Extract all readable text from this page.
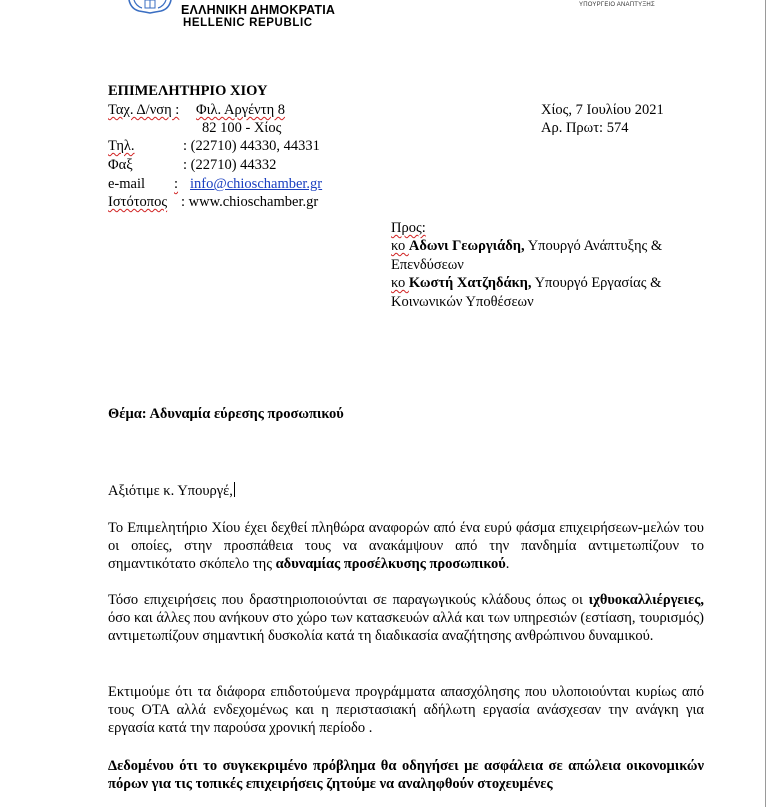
ΕΛΛΗΝΙΚΗ ΔΗΜΟΚΡΑΤΙΑ
HELLENIC REPUBLIC
ΥΠΟΥΡΓΕΙΟ ΑΝΑΠΤΥΞΗΣ
ΕΠΙΜΕΛΗΤΗΡΙΟ ΧΙΟΥ
Ταχ. Δ/νση : Φιλ. Αργέντη 8
82 100 - Χίος
Τηλ.	: (22710) 44330, 44331
Φαξ	: (22710) 44332
e-mail : info@chioschamber.gr
Ιστότοπος : www.chioschamber.gr
Χίος, 7 Ιουλίου 2021
Αρ. Πρωτ: 574
Προς:
κο Αδωνι Γεωργιάδη, Υπουργό Ανάπτυξης &
Επενδύσεων
κο Κωστή Χατζηδάκη, Υπουργό Εργασίας &
Κοινωνικών Υποθέσεων
Θέμα: Αδυναμία εύρεσης προσωπικού
Αξιότιμε κ. Υπουργέ,
Το Επιμελητήριο Χίου έχει δεχθεί πληθώρα αναφορών από ένα ευρύ φάσμα επιχειρήσεων-μελών του οι οποίες, στην προσπάθεια τους να ανακάμψουν από την πανδημία αντιμετωπίζουν το σημαντικότατο σκόπελο της αδυναμίας προσέλκυσης προσωπικού.
Τόσο επιχειρήσεις που δραστηριοποιούνται σε παραγωγικούς κλάδους όπως οι ιχθυοκαλλιέργειες, όσο και άλλες που ανήκουν στο χώρο των κατασκευών αλλά και των υπηρεσιών (εστίαση, τουρισμός) αντιμετωπίζουν σημαντική δυσκολία κατά τη διαδικασία αναζήτησης ανθρώπινου δυναμικού.
Εκτιμούμε ότι τα διάφορα επιδοτούμενα προγράμματα απασχόλησης που υλοποιούνται κυρίως από τους ΟΤΑ αλλά ενδεχομένως και η περιστασιακή αδήλωτη εργασία ανάσχεσαν την ανάγκη για εργασία κατά την παρούσα χρονική περίοδο .
Δεδομένου ότι το συγκεκριμένο πρόβλημα θα οδηγήσει με ασφάλεια σε απώλεια οικονομικών πόρων για τις τοπικές επιχειρήσεις ζητούμε να αναληφθούν στοχευμένες
